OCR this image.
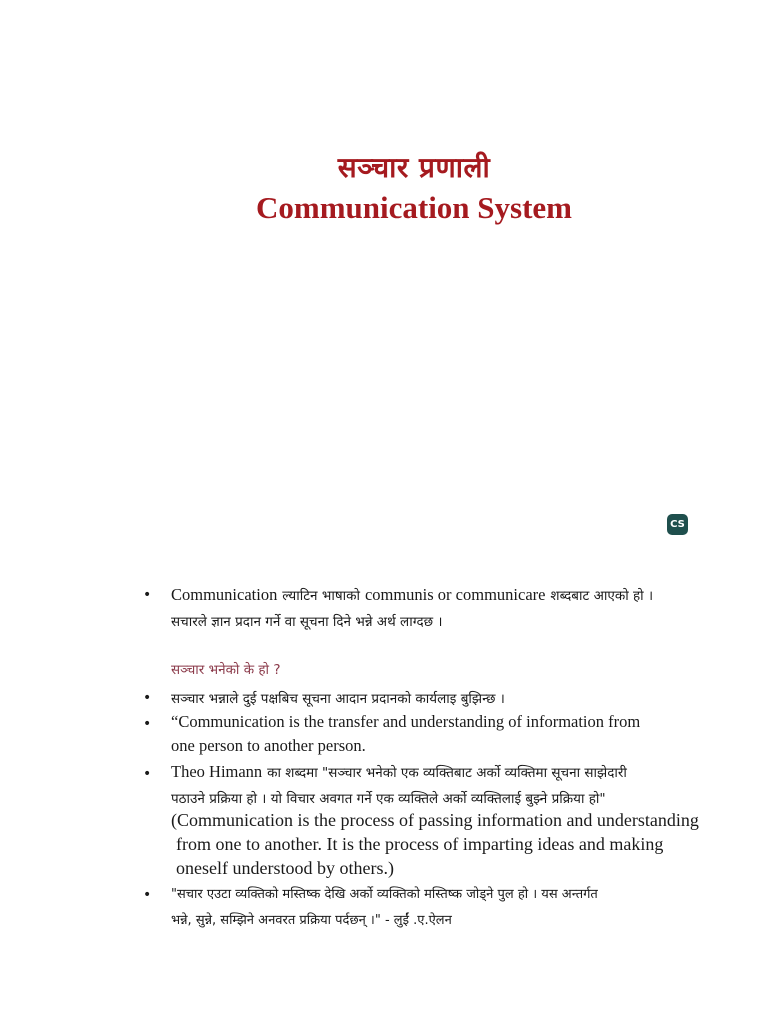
सञ्चार प्रणाली
Communication System
CS
• Communication ल्याटिन भाषाको communis or communicare शब्दबाट आएको हो ।
सचारले ज्ञान प्रदान गर्ने वा सूचना दिने भन्ने अर्थ लाग्दछ ।
सञ्चार भनेको के हो ?
• सञ्चार भन्नाले दुई पक्षबिच सूचना आदान प्रदानको कार्यलाइ बुझिन्छ ।
• “Communication is the transfer and understanding of information from
one person to another person.
• Theo Himann का शब्दमा "सञ्चार भनेको एक व्यक्तिबाट अर्को व्यक्तिमा सूचना साझेदारी
पठाउने प्रक्रिया हो । यो विचार अवगत गर्ने एक व्यक्तिले अर्को व्यक्तिलाई बुझ्ने प्रक्रिया हो"
(Communication is the process of passing information and understanding
from one to another. It is the process of imparting ideas and making
oneself understood by others.)
• "सचार एउटा व्यक्तिको मस्तिष्क देखि अर्को व्यक्तिको मस्तिष्क जोड्ने पुल हो । यस अन्तर्गत
भन्ने, सुन्ने, सम्झिने अनवरत प्रक्रिया पर्दछन् ।" - लुईं .ए.ऐलन
